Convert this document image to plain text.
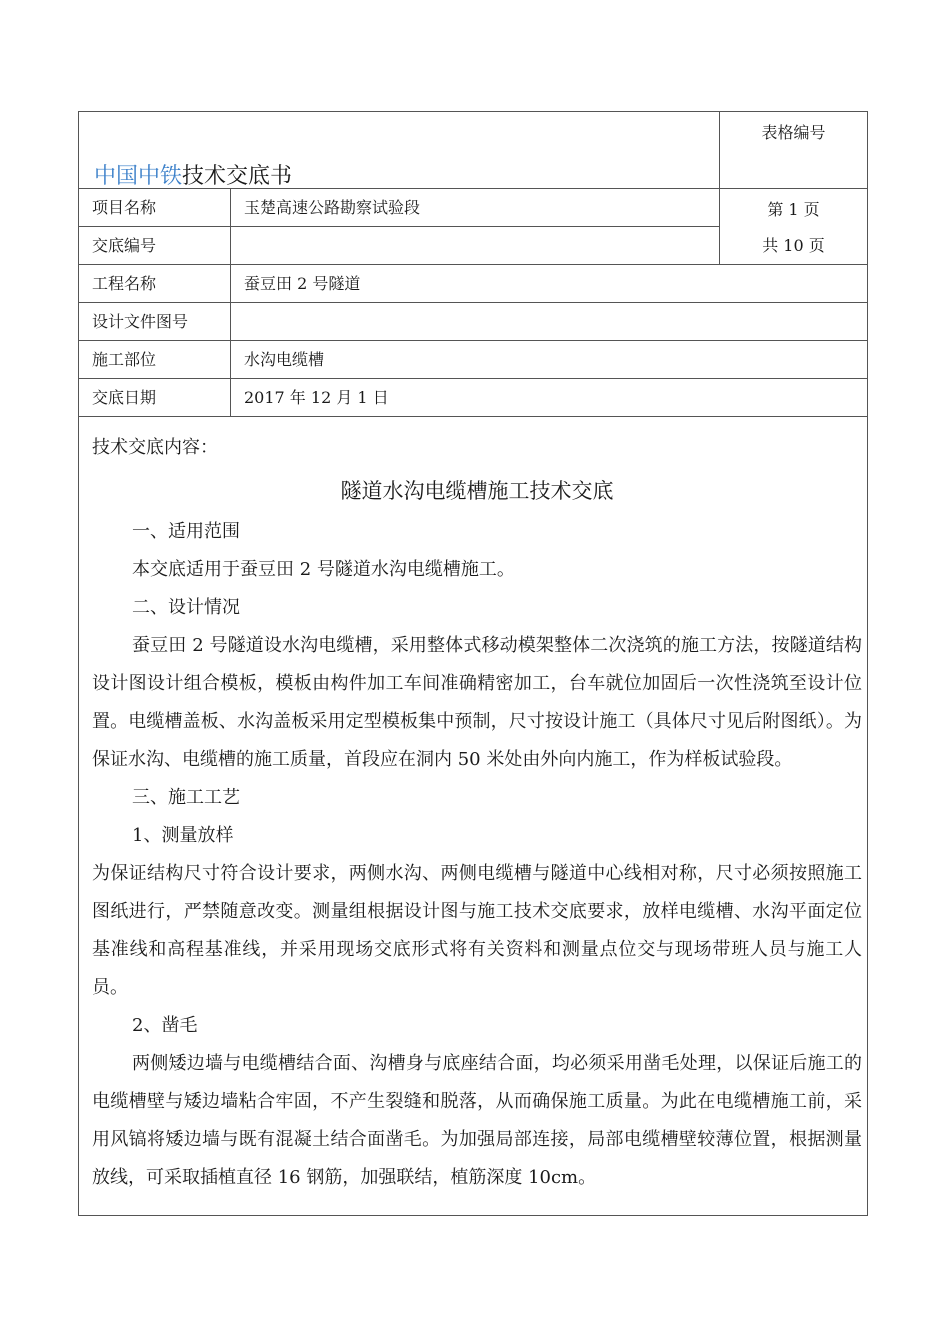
中国中铁技术交底书
表格编号
第 1 页
共 10 页
项目名称	玉楚高速公路勘察试验段
交底编号
工程名称	蚕豆田 2 号隧道
设计文件图号
施工部位	水沟电缆槽
交底日期	2017 年 12 月 1 日

技术交底内容：

隧道水沟电缆槽施工技术交底

一、适用范围

本交底适用于蚕豆田 2 号隧道水沟电缆槽施工。

二、设计情况

蚕豆田 2 号隧道设水沟电缆槽，采用整体式移动模架整体二次浇筑的施工方法，按隧道结构设计图设计组合模板，模板由构件加工车间准确精密加工，台车就位加固后一次性浇筑至设计位置。电缆槽盖板、水沟盖板采用定型模板集中预制，尺寸按设计施工（具体尺寸见后附图纸）。为保证水沟、电缆槽的施工质量，首段应在洞内 50 米处由外向内施工，作为样板试验段。

三、施工工艺

1、测量放样

为保证结构尺寸符合设计要求，两侧水沟、两侧电缆槽与隧道中心线相对称，尺寸必须按照施工图纸进行，严禁随意改变。测量组根据设计图与施工技术交底要求，放样电缆槽、水沟平面定位基准线和高程基准线，并采用现场交底形式将有关资料和测量点位交与现场带班人员与施工人员。

2、凿毛

两侧矮边墙与电缆槽结合面、沟槽身与底座结合面，均必须采用凿毛处理，以保证后施工的电缆槽壁与矮边墙粘合牢固，不产生裂缝和脱落，从而确保施工质量。为此在电缆槽施工前，采用风镐将矮边墙与既有混凝土结合面凿毛。为加强局部连接，局部电缆槽壁较薄位置，根据测量放线，可采取插植直径 16 钢筋，加强联结，植筋深度 10cm。
